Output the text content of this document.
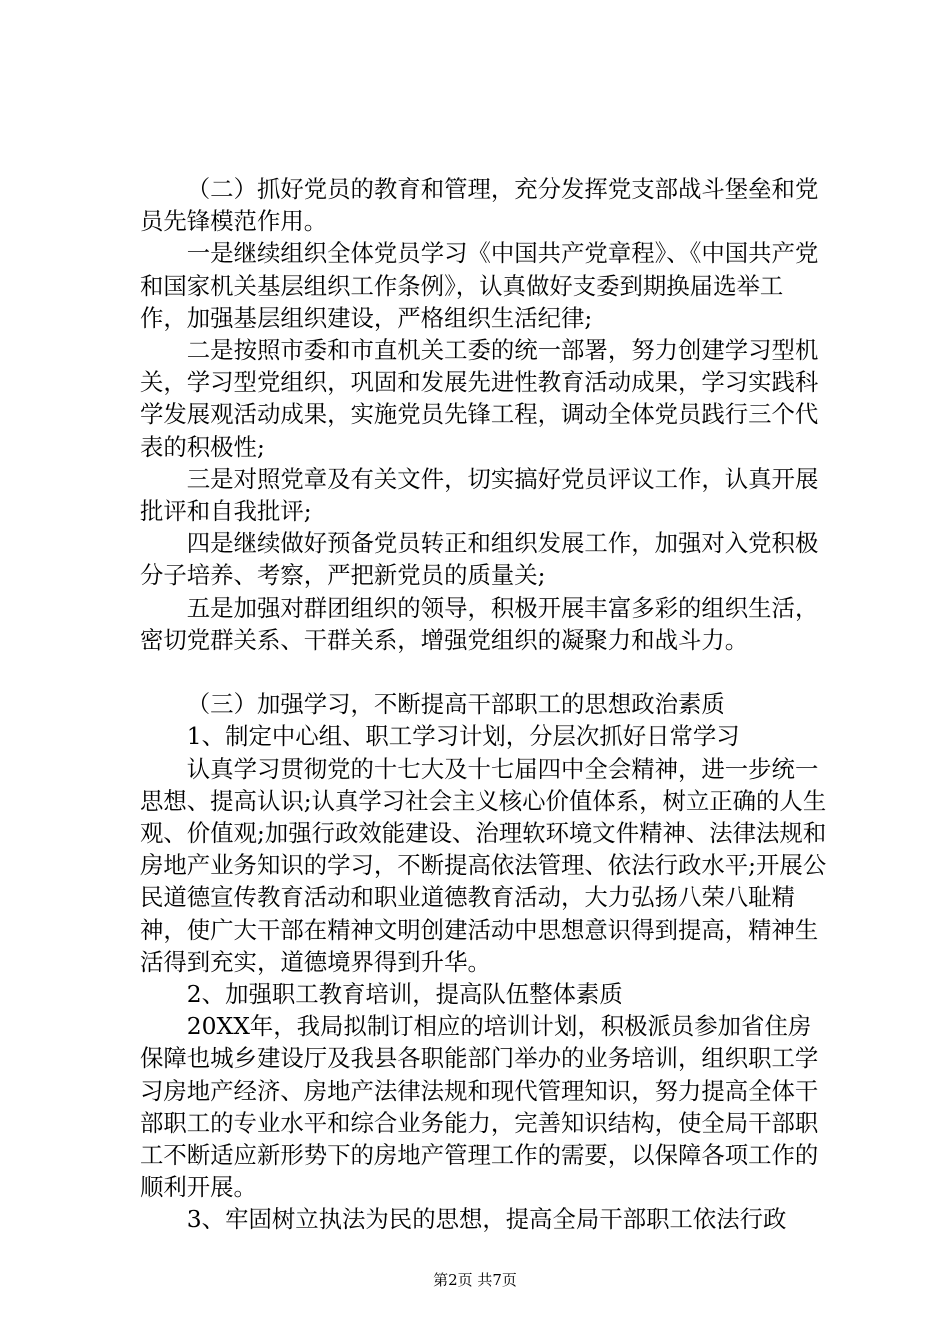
（二）抓好党员的教育和管理，充分发挥党支部战斗堡垒和党员先锋模范作用。

一是继续组织全体党员学习《中国共产党章程》、《中国共产党和国家机关基层组织工作条例》，认真做好支委到期换届选举工作，加强基层组织建设，严格组织生活纪律;

二是按照市委和市直机关工委的统一部署，努力创建学习型机关，学习型党组织，巩固和发展先进性教育活动成果，学习实践科学发展观活动成果，实施党员先锋工程，调动全体党员践行三个代表的积极性;

三是对照党章及有关文件，切实搞好党员评议工作，认真开展批评和自我批评;

四是继续做好预备党员转正和组织发展工作，加强对入党积极分子培养、考察，严把新党员的质量关;

五是加强对群团组织的领导，积极开展丰富多彩的组织生活，密切党群关系、干群关系，增强党组织的凝聚力和战斗力。

（三）加强学习，不断提高干部职工的思想政治素质

1、制定中心组、职工学习计划，分层次抓好日常学习

认真学习贯彻党的十七大及十七届四中全会精神，进一步统一思想、提高认识;认真学习社会主义核心价值体系，树立正确的人生观、价值观;加强行政效能建设、治理软环境文件精神、法律法规和房地产业务知识的学习，不断提高依法管理、依法行政水平;开展公民道德宣传教育活动和职业道德教育活动，大力弘扬八荣八耻精神，使广大干部在精神文明创建活动中思想意识得到提高，精神生活得到充实，道德境界得到升华。

2、加强职工教育培训，提高队伍整体素质

20XX年，我局拟制订相应的培训计划，积极派员参加省住房保障也城乡建设厅及我县各职能部门举办的业务培训，组织职工学习房地产经济、房地产法律法规和现代管理知识，努力提高全体干部职工的专业水平和综合业务能力，完善知识结构，使全局干部职工不断适应新形势下的房地产管理工作的需要，以保障各项工作的顺利开展。

3、牢固树立执法为民的思想，提高全局干部职工依法行政

第2页 共7页
